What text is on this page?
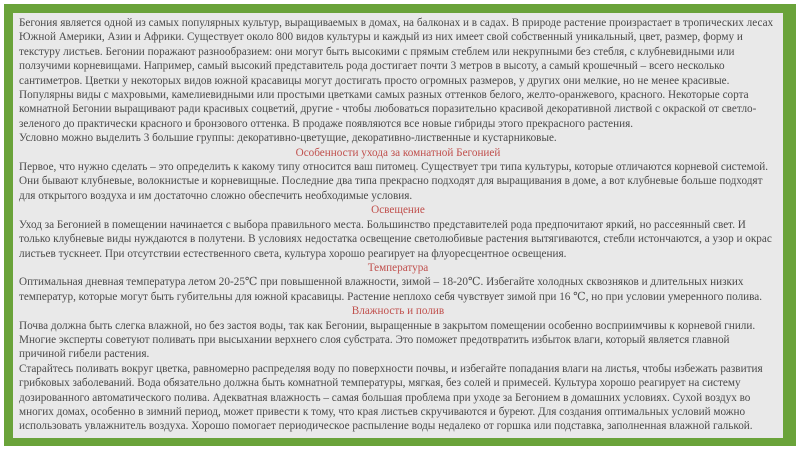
Бегония является одной из самых популярных культур, выращиваемых в домах, на балконах и в садах. В природе растение произрастает в тропических лесах Южной Америки, Азии и Африки. Существует около 800 видов культуры и каждый из них имеет свой собственный уникальный, цвет, размер, форму и текстуру листьев. Бегонии поражают разнообразием: они могут быть высокими с прямым стеблем или некрупными без стебля, с клубневидными или ползучими корневищами. Например, самый высокий представитель рода достигает почти 3 метров в высоту, а самый крошечный – всего несколько сантиметров. Цветки у некоторых видов южной красавицы могут достигать просто огромных размеров, у других они мелкие, но не менее красивые. Популярны виды с махровыми, камелиевидными или простыми цветками самых разных оттенков белого, желто-оранжевого, красного. Некоторые сорта комнатной Бегонии выращивают ради красивых соцветий, другие - чтобы любоваться поразительно красивой декоративной листвой с окраской от светло-зеленого до практически красного и бронзового оттенка. В продаже появляются все новые гибриды этого прекрасного растения.

Условно можно выделить 3 большие группы: декоративно-цветущие, декоративно-лиственные и кустарниковые.

Особенности ухода за комнатной Бегонией

Первое, что нужно сделать – это определить к какому типу относится ваш питомец. Существует три типа культуры, которые отличаются корневой системой. Они бывают клубневые, волокнистые и корневищные. Последние два типа прекрасно подходят для выращивания в доме, а вот клубневые больше подходят для открытого воздуха и им достаточно сложно обеспечить необходимые условия.

Освещение

Уход за Бегонией в помещении начинается с выбора правильного места. Большинство представителей рода предпочитают яркий, но рассеянный свет. И только клубневые виды нуждаются в полутени. В условиях недостатка освещение светолюбивые растения вытягиваются, стебли истончаются, а узор и окрас листьев тускнеет. При отсутствии естественного света, культура хорошо реагирует на флуоресцентное освещения.

Температура

Оптимальная дневная температура летом 20-25℃ при повышенной влажности, зимой – 18-20℃. Избегайте холодных сквозняков и длительных низких температур, которые могут быть губительны для южной красавицы. Растение неплохо себя чувствует зимой при 16 ℃, но при условии умеренного полива.

Влажность и полив

Почва должна быть слегка влажной, но без застоя воды, так как Бегонии, выращенные в закрытом помещении особенно восприимчивы к корневой гнили. Многие эксперты советуют поливать при высыхании верхнего слоя субстрата. Это поможет предотвратить избыток влаги, который является главной причиной гибели растения.

Старайтесь поливать вокруг цветка, равномерно распределяя воду по поверхности почвы, и избегайте попадания влаги на листья, чтобы избежать развития грибковых заболеваний. Вода обязательно должна быть комнатной температуры, мягкая, без солей и примесей. Культура хорошо реагирует на систему дозированного автоматического полива. Адекватная влажность – самая большая проблема при уходе за Бегонием в домашних условиях. Сухой воздух во многих домах, особенно в зимний период, может привести к тому, что края листьев скручиваются и буреют. Для создания оптимальных условий можно использовать увлажнитель воздуха. Хорошо помогает периодическое распыление воды недалеко от горшка или подставка, заполненная влажной галькой.
